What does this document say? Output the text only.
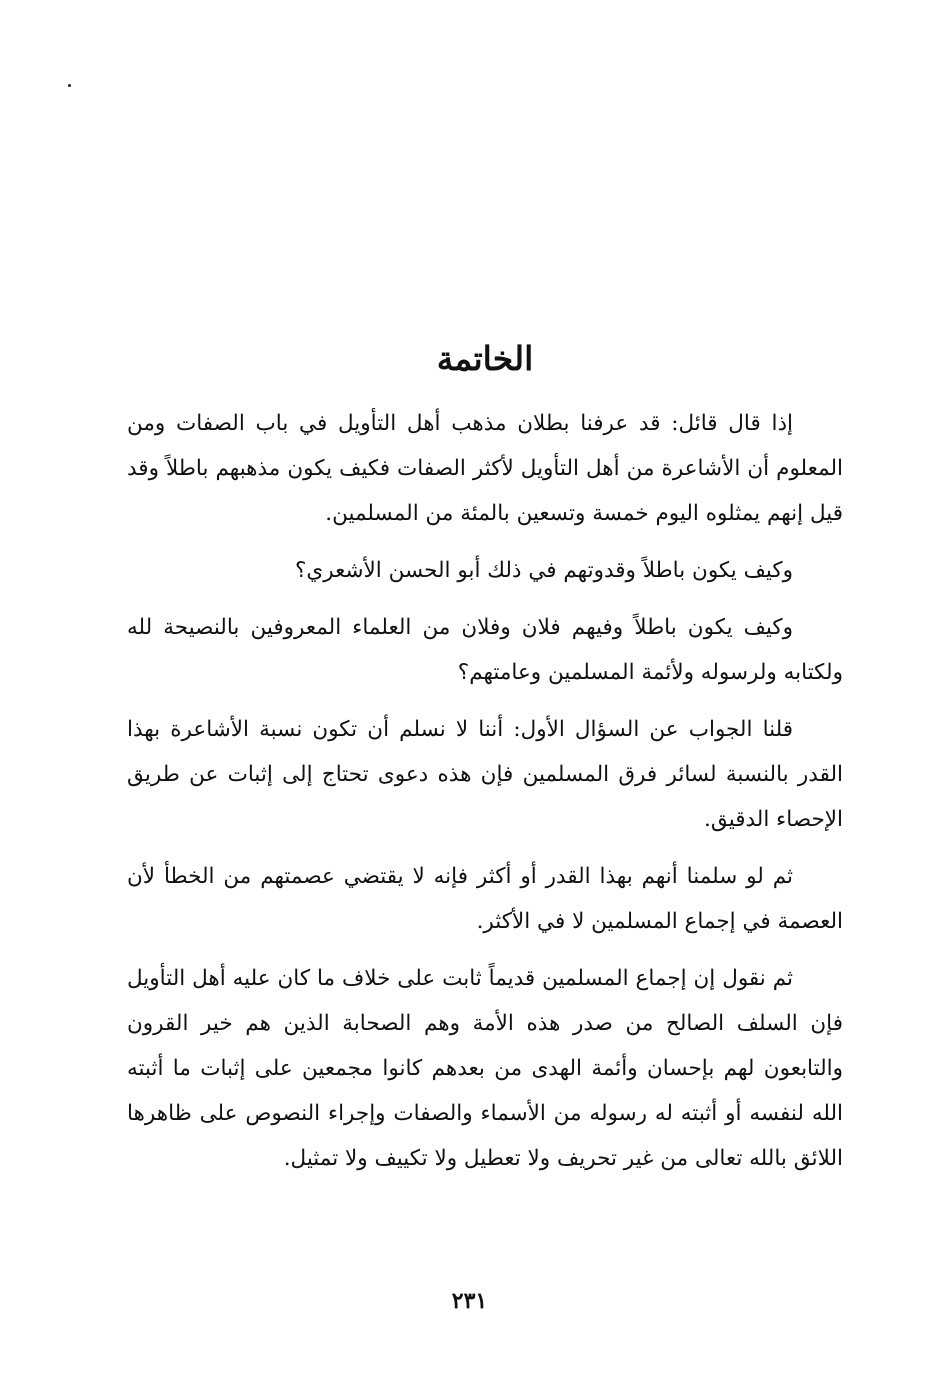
الخاتمة

إذا قال قائل: قد عرفنا بطلان مذهب أهل التأويل في باب الصفات ومن المعلوم أن الأشاعرة من أهل التأويل لأكثر الصفات فكيف يكون مذهبهم باطلاً وقد قيل إنهم يمثلوه اليوم خمسة وتسعين بالمئة من المسلمين.

وكيف يكون باطلاً وقدوتهم في ذلك أبو الحسن الأشعري؟

وكيف يكون باطلاً وفيهم فلان وفلان من العلماء المعروفين بالنصيحة لله ولكتابه ولرسوله ولأئمة المسلمين وعامتهم؟

قلنا الجواب عن السؤال الأول: أننا لا نسلم أن تكون نسبة الأشاعرة بهذا القدر بالنسبة لسائر فرق المسلمين فإن هذه دعوى تحتاج إلى إثبات عن طريق الإحصاء الدقيق.

ثم لو سلمنا أنهم بهذا القدر أو أكثر فإنه لا يقتضي عصمتهم من الخطأ لأن العصمة في إجماع المسلمين لا في الأكثر.

ثم نقول إن إجماع المسلمين قديماً ثابت على خلاف ما كان عليه أهل التأويل فإن السلف الصالح من صدر هذه الأمة وهم الصحابة الذين هم خير القرون والتابعون لهم بإحسان وأئمة الهدى من بعدهم كانوا مجمعين على إثبات ما أثبته الله لنفسه أو أثبته له رسوله من الأسماء والصفات وإجراء النصوص على ظاهرها اللائق بالله تعالى من غير تحريف ولا تعطيل ولا تكييف ولا تمثيل.

٢٣١
